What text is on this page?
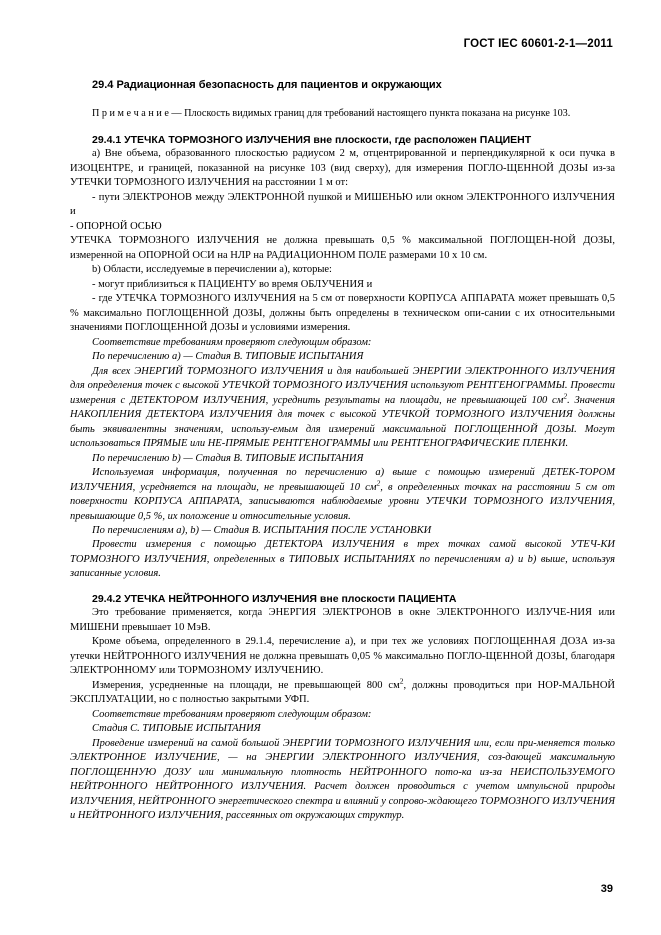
ГОСТ IEC 60601-2-1—2011
29.4 Радиационная безопасность для пациентов и окружающих

П р и м е ч а н и е — Плоскость видимых границ для требований настоящего пункта показана на рисунке 103.

29.4.1 УТЕЧКА ТОРМОЗНОГО ИЗЛУЧЕНИЯ вне плоскости, где расположен ПАЦИЕНТ

a) Вне объема, образованного плоскостью радиусом 2 м, отцентрированной и перпендикулярной к оси пучка в ИЗОЦЕНТРЕ, и границей, показанной на рисунке 103 (вид сверху), для измерения ПОГЛО-ЩЕННОЙ ДОЗЫ из-за УТЕЧКИ ТОРМОЗНОГО ИЗЛУЧЕНИЯ на расстоянии 1 м от:

- пути ЭЛЕКТРОНОВ между ЭЛЕКТРОННОЙ пушкой и МИШЕНЬЮ или окном ЭЛЕКТРОННОГО ИЗЛУЧЕНИЯ и

- ОПОРНОЙ ОСЬЮ

УТЕЧКА ТОРМОЗНОГО ИЗЛУЧЕНИЯ не должна превышать 0,5 % максимальной ПОГЛОЩЕН-НОЙ ДОЗЫ, измеренной на ОПОРНОЙ ОСИ на НЛР на РАДИАЦИОННОМ ПОЛЕ размерами 10 х 10 см.

b) Области, исследуемые в перечислении а), которые:

- могут приблизиться к ПАЦИЕНТУ во время ОБЛУЧЕНИЯ и

- где УТЕЧКА ТОРМОЗНОГО ИЗЛУЧЕНИЯ на 5 см от поверхности КОРПУСА АППАРАТА может превышать 0,5 % максимально ПОГЛОЩЕННОЙ ДОЗЫ, должны быть определены в техническом опи-сании с их относительными значениями ПОГЛОЩЕННОЙ ДОЗЫ и условиями измерения.

Соответствие требованиям проверяют следующим образом:

По перечислению a) — Стадия B. ТИПОВЫЕ ИСПЫТАНИЯ

Для всех ЭНЕРГИЙ ТОРМОЗНОГО ИЗЛУЧЕНИЯ и для наибольшей ЭНЕРГИИ ЭЛЕКТРОННОГО ИЗЛУЧЕНИЯ для определения точек с высокой УТЕЧКОЙ ТОРМОЗНОГО ИЗЛУЧЕНИЯ используют РЕНТГЕНОГРАММЫ. Провести измерения с ДЕТЕКТОРОМ ИЗЛУЧЕНИЯ, усреднить результаты на площади, не превышающей 100 $см^2$. Значения НАКОПЛЕНИЯ ДЕТЕКТОРА ИЗЛУЧЕНИЯ для точек с высокой УТЕЧКОЙ ТОРМОЗНОГО ИЗЛУЧЕНИЯ должны быть эквивалентны значениям, использу-емым для измерений максимальной ПОГЛОЩЕННОЙ ДОЗЫ. Могут использоваться ПРЯМЫЕ или НЕ-ПРЯМЫЕ РЕНТГЕНОГРАММЫ или РЕНТГЕНОГРАФИЧЕСКИЕ ПЛЕНКИ.

По перечислению b) — Стадия B. ТИПОВЫЕ ИСПЫТАНИЯ

Используемая информация, полученная по перечислению a) выше с помощью измерений ДЕТЕК-ТОРОМ ИЗЛУЧЕНИЯ, усредняется на площади, не превышающей 10 $см^2$, в определенных точках на расстоянии 5 см от поверхности КОРПУСА АППАРАТА, записываются наблюдаемые уровни УТЕЧКИ ТОРМОЗНОГО ИЗЛУЧЕНИЯ, превышающие 0,5 %, их положение и относительные условия.

По перечислениям a), b) — Стадия B. ИСПЫТАНИЯ ПОСЛЕ УСТАНОВКИ

Провести измерения с помощью ДЕТЕКТОРА ИЗЛУЧЕНИЯ в трех точках самой высокой УТЕЧ-КИ ТОРМОЗНОГО ИЗЛУЧЕНИЯ, определенных в ТИПОВЫХ ИСПЫТАНИЯХ по перечислениям a) и b) выше, используя записанные условия.

29.4.2 УТЕЧКА НЕЙТРОННОГО ИЗЛУЧЕНИЯ вне плоскости ПАЦИЕНТА

Это требование применяется, когда ЭНЕРГИЯ ЭЛЕКТРОНОВ в окне ЭЛЕКТРОННОГО ИЗЛУЧЕ-НИЯ или МИШЕНИ превышает 10 МэВ.

Кроме объема, определенного в 29.1.4, перечисление а), и при тех же условиях ПОГЛОЩЕННАЯ ДОЗА из-за утечки НЕЙТРОННОГО ИЗЛУЧЕНИЯ не должна превышать 0,05 % максимально ПОГЛО-ЩЕННОЙ ДОЗЫ, благодаря ЭЛЕКТРОННОМУ или ТОРМОЗНОМУ ИЗЛУЧЕНИЮ.

Измерения, усредненные на площади, не превышающей 800 $см^2$, должны проводиться при НОР-МАЛЬНОЙ ЭКСПЛУАТАЦИИ, но с полностью закрытыми УФП.

Соответствие требованиям проверяют следующим образом:

Стадия C. ТИПОВЫЕ ИСПЫТАНИЯ

Проведение измерений на самой большой ЭНЕРГИИ ТОРМОЗНОГО ИЗЛУЧЕНИЯ или, если при-меняется только ЭЛЕКТРОННОЕ ИЗЛУЧЕНИЕ, — на ЭНЕРГИИ ЭЛЕКТРОННОГО ИЗЛУЧЕНИЯ, соз-дающей максимальную ПОГЛОЩЕННУЮ ДОЗУ или минимальную плотность НЕЙТРОННОГО пото-ка из-за НЕИСПОЛЬЗУЕМОГО НЕЙТРОННОГО НЕЙТРОННОГО ИЗЛУЧЕНИЯ. Расчет должен проводиться с учетом импульсной природы ИЗЛУЧЕНИЯ, НЕЙТРОННОГО энергетического спектра и влияний у сопрово-ждающего ТОРМОЗНОГО ИЗЛУЧЕНИЯ и НЕЙТРОННОГО ИЗЛУЧЕНИЯ, рассеянных от окружающих структур.

39
